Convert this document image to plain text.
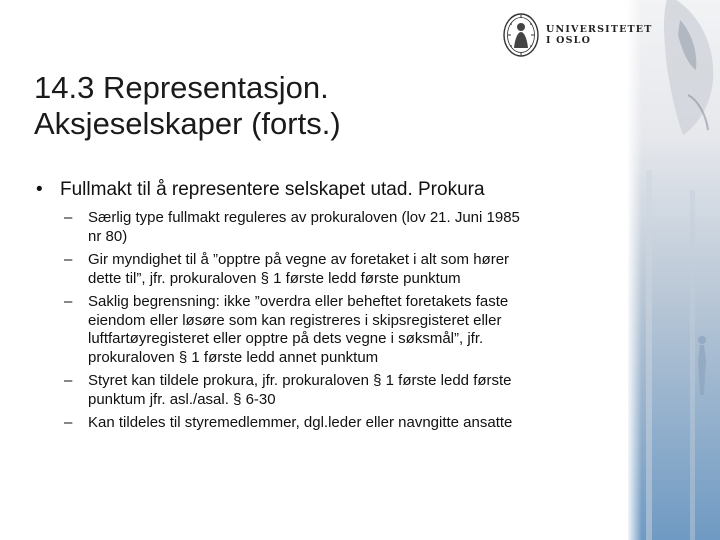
UNIVERSITETET
I OSLO
14.3 Representasjon.
Aksjeselskaper (forts.)
• Fullmakt til å representere selskapet utad. Prokura
– Særlig type fullmakt reguleres av prokuraloven (lov 21. Juni 1985
nr 80)
– Gir myndighet til å ”opptre på vegne av foretaket i alt som hører
dette til”, jfr. prokuraloven § 1 første ledd første punktum
– Saklig begrensning: ikke ”overdra eller beheftet foretakets faste
eiendom eller løsøre som kan registreres i skipsregisteret eller
luftfartøyregisteret eller opptre på dets vegne i søksmål”, jfr.
prokuraloven § 1 første ledd annet punktum
– Styret kan tildele prokura, jfr. prokuraloven § 1 første ledd første
punktum jfr. asl./asal. § 6-30
– Kan tildeles til styremedlemmer, dgl.leder eller navngitte ansatte
